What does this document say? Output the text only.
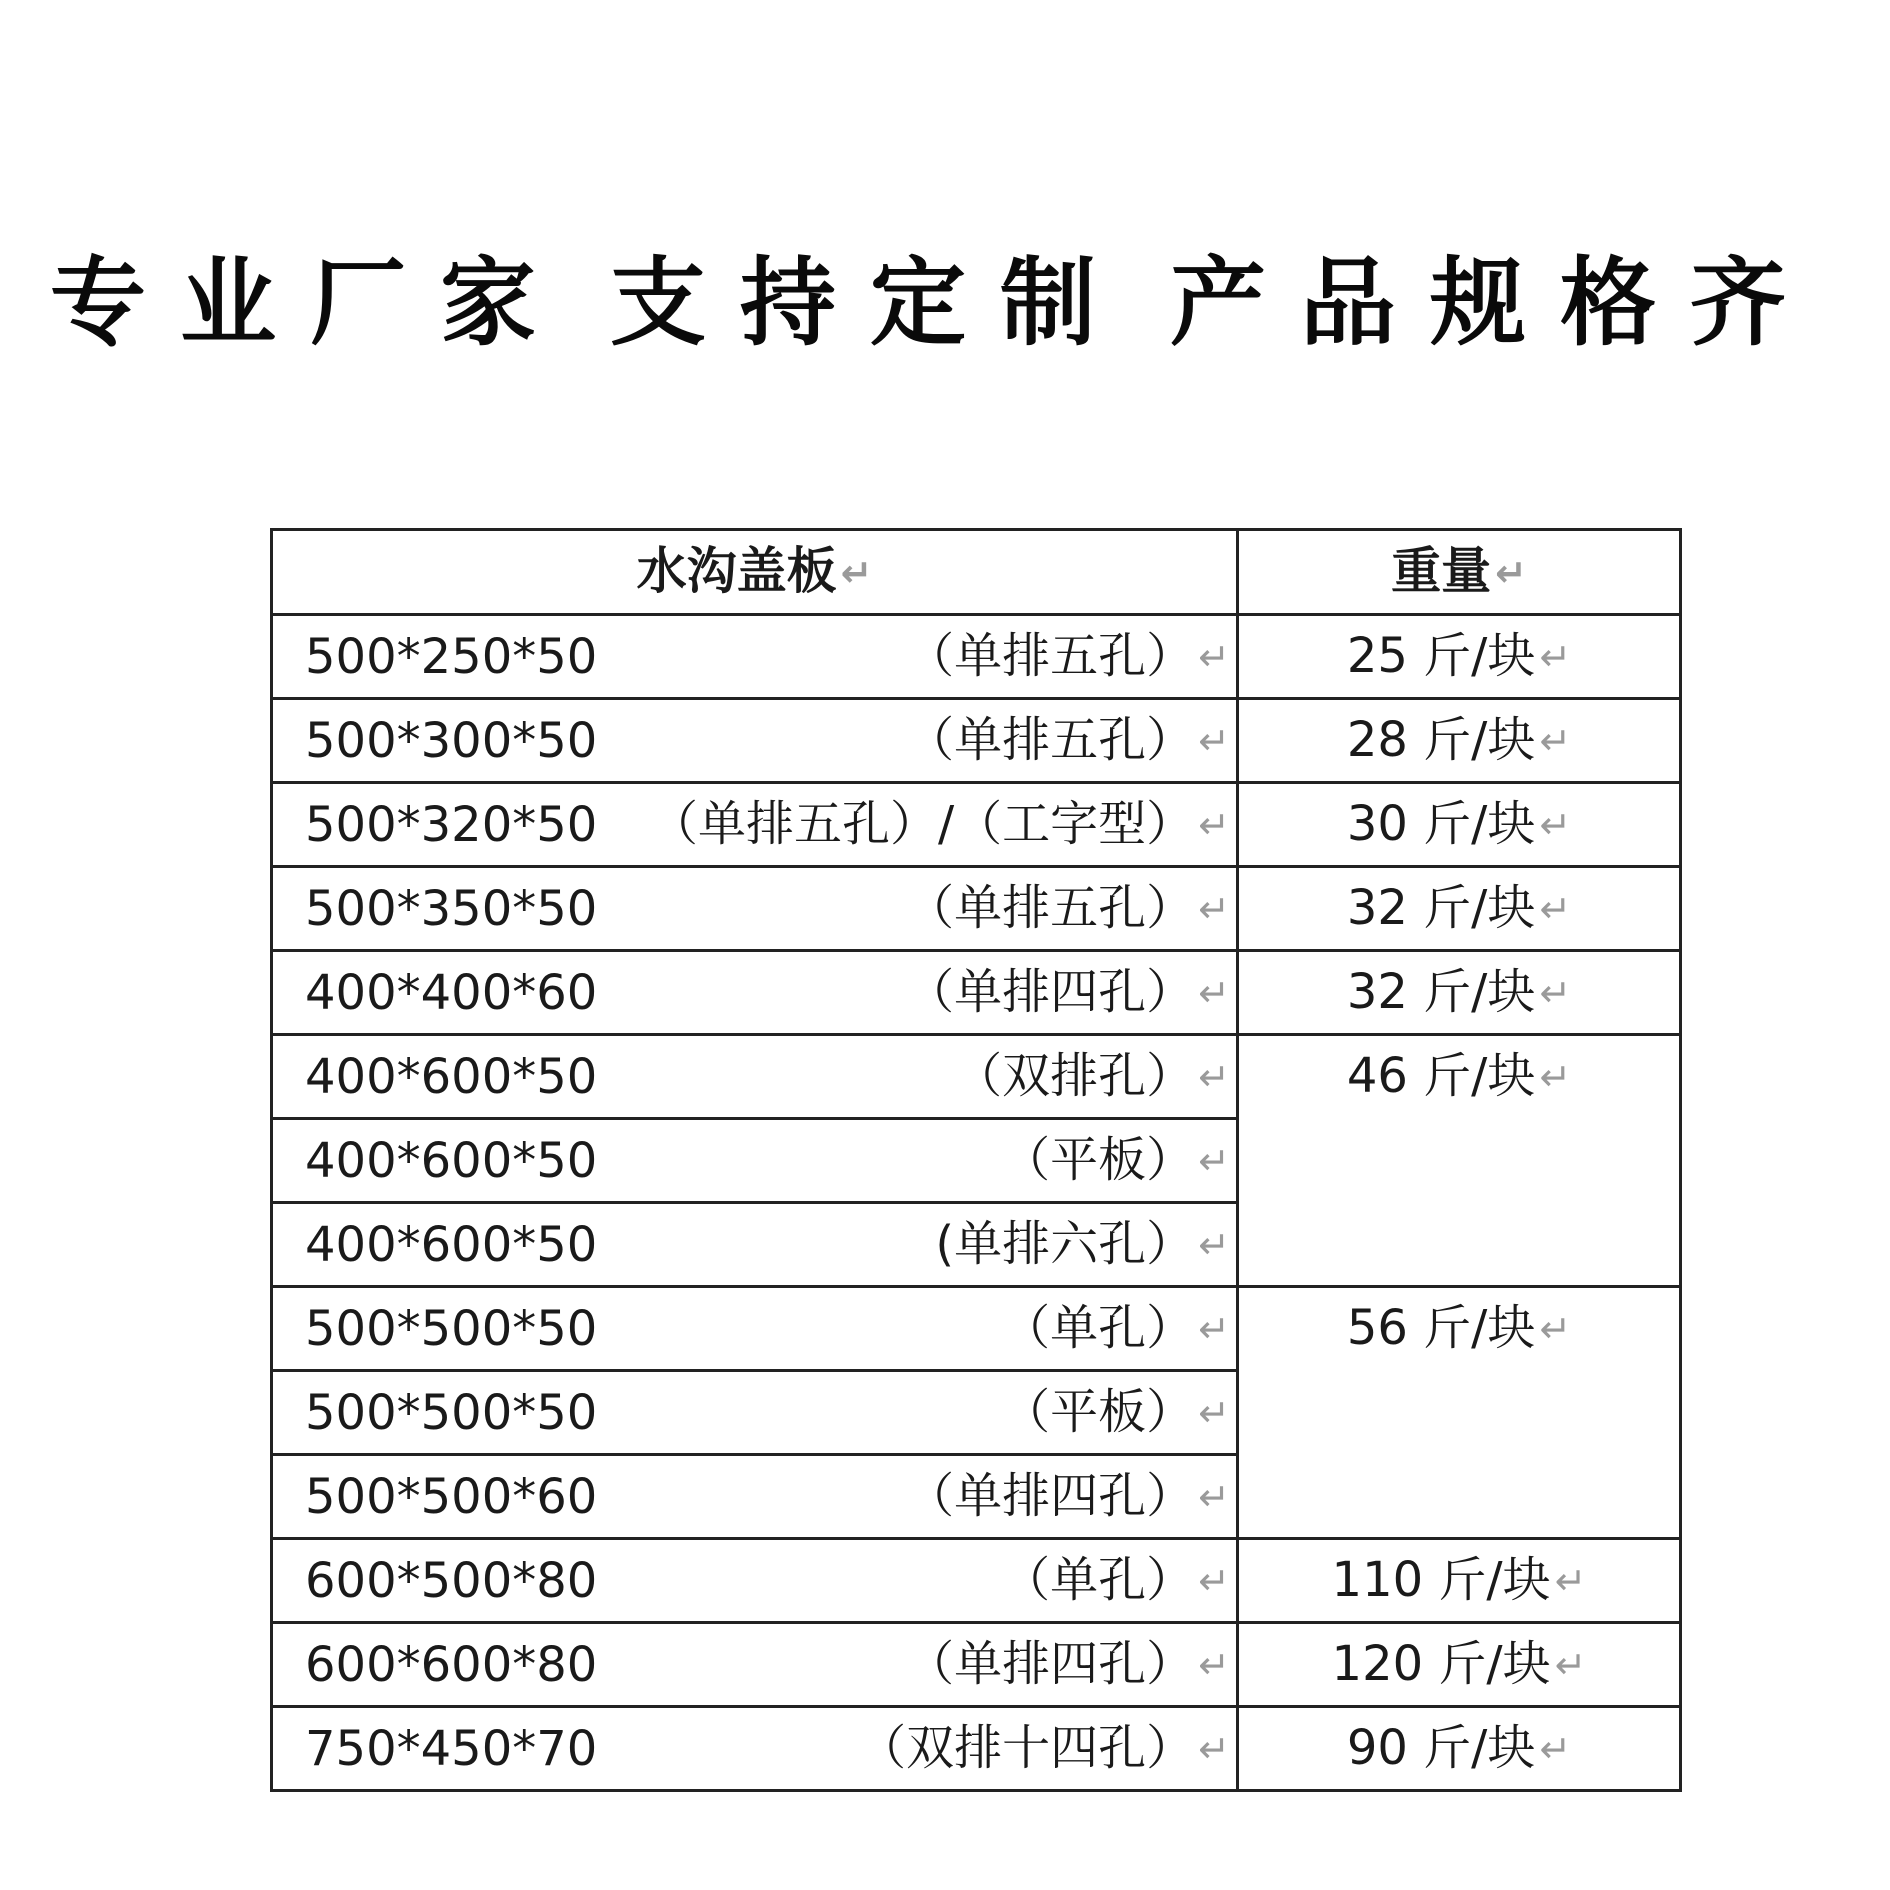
专 业 厂 家 支 持 定 制 产 品 规 格 齐
水沟盖板 ↵	重量 ↵

500*250*50 （单排五孔） ↵	25 斤/块 ↵

500*300*50 （单排五孔） ↵	28 斤/块 ↵

500*320*50 （单排五孔）/（工字型） ↵	30 斤/块 ↵

500*350*50 （单排五孔） ↵	32 斤/块 ↵

400*400*60 （单排四孔） ↵	32 斤/块 ↵

400*600*50 （双排孔） ↵	46 斤/块 ↵

400*600*50 （平板） ↵	

400*600*50 (单排六孔） ↵	

500*500*50 （单孔） ↵	56 斤/块 ↵

500*500*50 （平板） ↵	

500*500*60 （单排四孔） ↵	

600*500*80 （单孔） ↵	110 斤/块 ↵

600*600*80 （单排四孔） ↵	120 斤/块 ↵

750*450*70 （双排十四孔） ↵	90 斤/块 ↵
